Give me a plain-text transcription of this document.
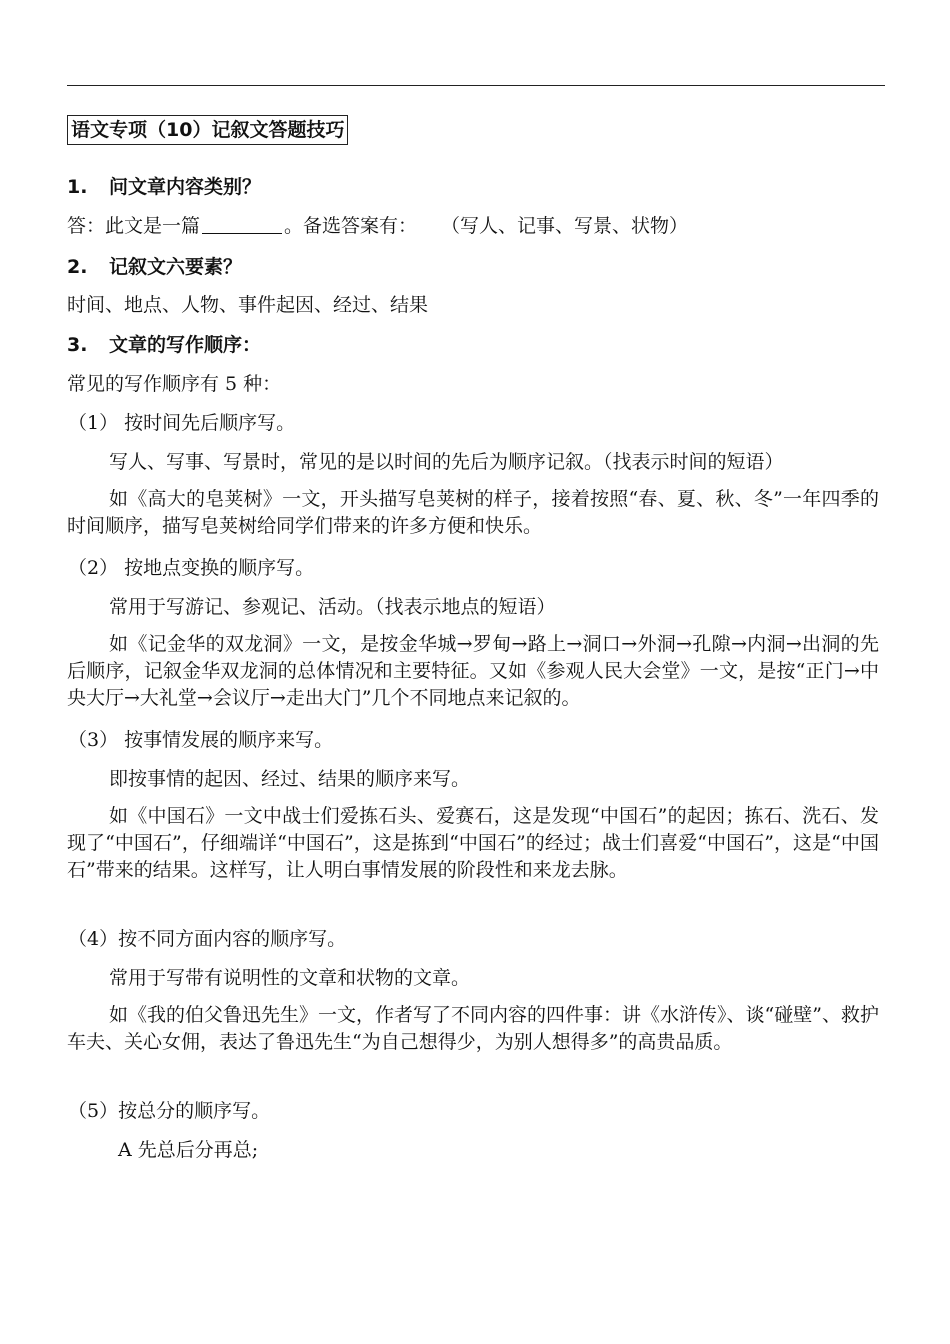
语文专项（10）记叙文答题技巧
1. 问文章内容类别？
答：此文是一篇	。备选答案有： （写人、记事、写景、状物）
2. 记叙文六要素？
时间、地点、人物、事件起因、经过、结果
3. 文章的写作顺序：
常见的写作顺序有 5 种：
（1） 按时间先后顺序写。
写人、写事、写景时，常见的是以时间的先后为顺序记叙。（找表示时间的短语）
如《高大的皂荚树》一文，开头描写皂荚树的样子，接着按照“春、夏、秋、冬”一年四季的时间顺序，描写皂荚树给同学们带来的许多方便和快乐。
（2） 按地点变换的顺序写。
常用于写游记、参观记、活动。（找表示地点的短语）
如《记金华的双龙洞》一文，是按金华城→罗甸→路上→洞口→外洞→孔隙→内洞→出洞的先后顺序，记叙金华双龙洞的总体情况和主要特征。又如《参观人民大会堂》一文，是按“正门→中央大厅→大礼堂→会议厅→走出大门”几个不同地点来记叙的。
（3） 按事情发展的顺序来写。
即按事情的起因、经过、结果的顺序来写。
如《中国石》一文中战士们爱拣石头、爱赛石，这是发现“中国石”的起因；拣石、洗石、发现了“中国石”，仔细端详“中国石”，这是拣到“中国石”的经过；战士们喜爱“中国石”，这是“中国石”带来的结果。这样写，让人明白事情发展的阶段性和来龙去脉。
（4）按不同方面内容的顺序写。
常用于写带有说明性的文章和状物的文章。
如《我的伯父鲁迅先生》一文，作者写了不同内容的四件事：讲《水浒传》、谈“碰壁”、救护车夫、关心女佣，表达了鲁迅先生“为自己想得少，为别人想得多”的高贵品质。
（5）按总分的顺序写。
A 先总后分再总;
